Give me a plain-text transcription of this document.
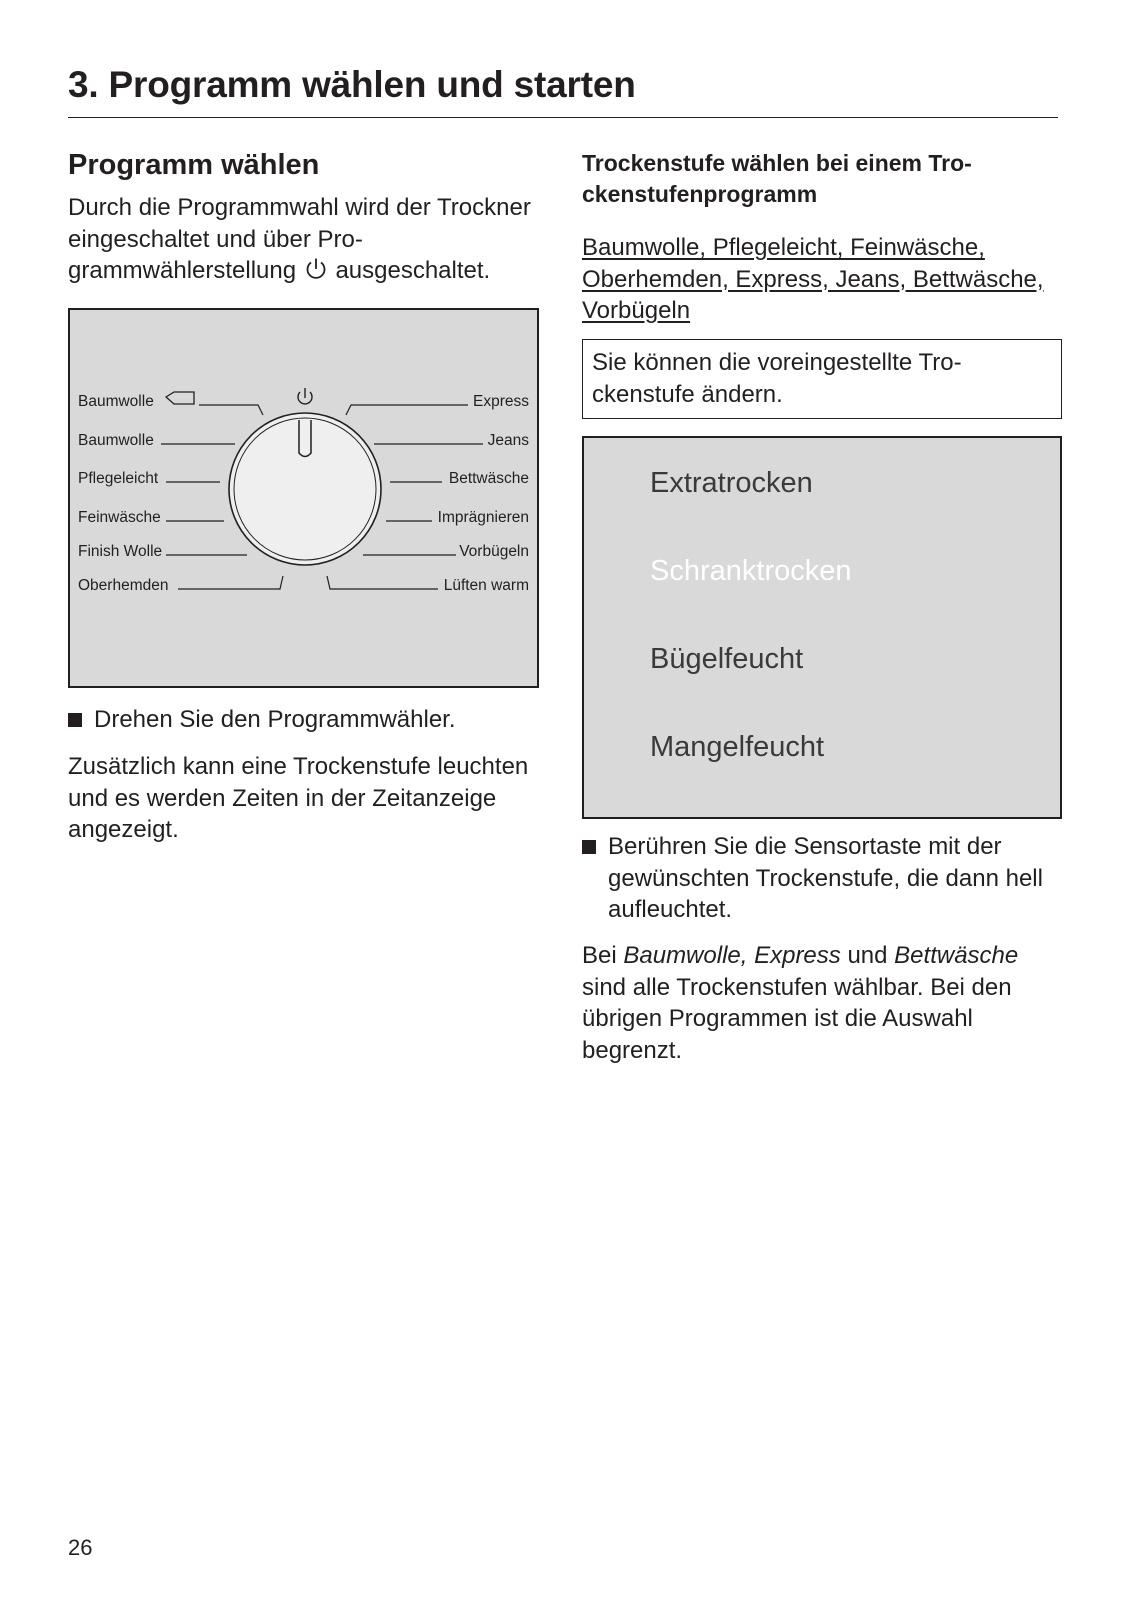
3. Programm wählen und starten
Programm wählen

Durch die Programmwahl wird der Trockner eingeschaltet und über Programmwählerstellung ausgeschaltet.

Baumwolle
Baumwolle
Pflegeleicht
Feinwäsche
Finish Wolle
Oberhemden
Express
Jeans
Bettwäsche
Imprägnieren
Vorbügeln
Lüften warm

Drehen Sie den Programmwähler.

Zusätzlich kann eine Trockenstufe leuchten und es werden Zeiten in der Zeitanzeige angezeigt.

Trockenstufe wählen bei einem Trockenstufenprogramm

Baumwolle, Pflegeleicht, Feinwäsche, Oberhemden, Express, Jeans, Bettwäsche, Vorbügeln

Sie können die voreingestellte Trockenstufe ändern.

Extratrocken
Schranktrocken
Bügelfeucht
Mangelfeucht

Berühren Sie die Sensortaste mit der gewünschten Trockenstufe, die dann hell aufleuchtet.

Bei Baumwolle, Express und Bettwäsche sind alle Trockenstufen wählbar. Bei den übrigen Programmen ist die Auswahl begrenzt.

26
